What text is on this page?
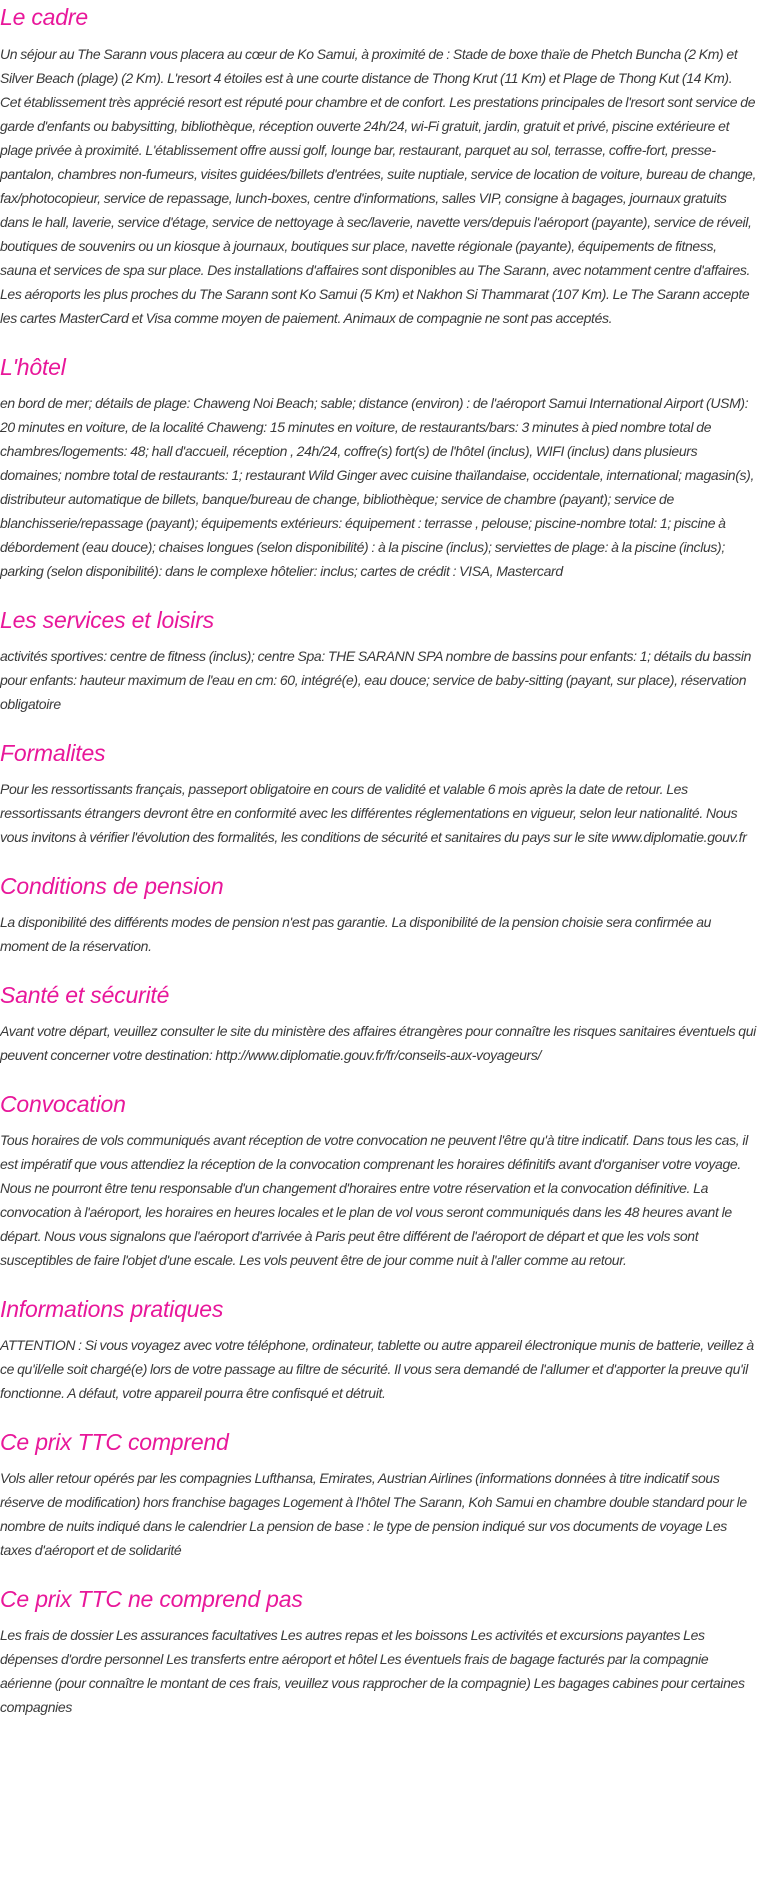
Le cadre

Un séjour au The Sarann vous placera au cœur de Ko Samui, à proximité de : Stade de boxe thaïe de Phetch Buncha (2 Km) et Silver Beach (plage) (2 Km). L'resort 4 étoiles est à une courte distance de Thong Krut (11 Km) et Plage de Thong Kut (14 Km). Cet établissement très apprécié resort est réputé pour chambre et de confort. Les prestations principales de l'resort sont service de garde d'enfants ou babysitting, bibliothèque, réception ouverte 24h/24, wi-Fi gratuit, jardin, gratuit et privé, piscine extérieure et plage privée à proximité. L'établissement offre aussi golf, lounge bar, restaurant, parquet au sol, terrasse, coffre-fort, presse-pantalon, chambres non-fumeurs, visites guidées/billets d'entrées, suite nuptiale, service de location de voiture, bureau de change, fax/photocopieur, service de repassage, lunch-boxes, centre d'informations, salles VIP, consigne à bagages, journaux gratuits dans le hall, laverie, service d'étage, service de nettoyage à sec/laverie, navette vers/depuis l'aéroport (payante), service de réveil, boutiques de souvenirs ou un kiosque à journaux, boutiques sur place, navette régionale (payante), équipements de fitness, sauna et services de spa sur place. Des installations d'affaires sont disponibles au The Sarann, avec notamment centre d'affaires. Les aéroports les plus proches du The Sarann sont Ko Samui (5 Km) et Nakhon Si Thammarat (107 Km). Le The Sarann accepte les cartes MasterCard et Visa comme moyen de paiement. Animaux de compagnie ne sont pas acceptés.

L'hôtel

en bord de mer; détails de plage: Chaweng Noi Beach; sable; distance (environ) : de l'aéroport Samui International Airport (USM): 20 minutes en voiture, de la localité Chaweng: 15 minutes en voiture, de restaurants/bars: 3 minutes à pied nombre total de chambres/logements: 48; hall d'accueil, réception , 24h/24, coffre(s) fort(s) de l'hôtel (inclus), WIFI (inclus) dans plusieurs domaines; nombre total de restaurants: 1; restaurant Wild Ginger avec cuisine thaïlandaise, occidentale, international; magasin(s), distributeur automatique de billets, banque/bureau de change, bibliothèque; service de chambre (payant); service de blanchisserie/repassage (payant); équipements extérieurs: équipement : terrasse , pelouse; piscine-nombre total: 1; piscine à débordement (eau douce); chaises longues (selon disponibilité) : à la piscine (inclus); serviettes de plage: à la piscine (inclus); parking (selon disponibilité): dans le complexe hôtelier: inclus; cartes de crédit : VISA, Mastercard

Les services et loisirs

activités sportives: centre de fitness (inclus); centre Spa: THE SARANN SPA nombre de bassins pour enfants: 1; détails du bassin pour enfants: hauteur maximum de l'eau en cm: 60, intégré(e), eau douce; service de baby-sitting (payant, sur place), réservation obligatoire

Formalites

Pour les ressortissants français, passeport obligatoire en cours de validité et valable 6 mois après la date de retour. Les ressortissants étrangers devront être en conformité avec les différentes réglementations en vigueur, selon leur nationalité. Nous vous invitons à vérifier l'évolution des formalités, les conditions de sécurité et sanitaires du pays sur le site www.diplomatie.gouv.fr

Conditions de pension

La disponibilité des différents modes de pension n'est pas garantie. La disponibilité de la pension choisie sera confirmée au moment de la réservation.

Santé et sécurité

Avant votre départ, veuillez consulter le site du ministère des affaires étrangères pour connaître les risques sanitaires éventuels qui peuvent concerner votre destination: http://www.diplomatie.gouv.fr/fr/conseils-aux-voyageurs/

Convocation

Tous horaires de vols communiqués avant réception de votre convocation ne peuvent l'être qu'à titre indicatif. Dans tous les cas, il est impératif que vous attendiez la réception de la convocation comprenant les horaires définitifs avant d'organiser votre voyage. Nous ne pourront être tenu responsable d'un changement d'horaires entre votre réservation et la convocation définitive. La convocation à l'aéroport, les horaires en heures locales et le plan de vol vous seront communiqués dans les 48 heures avant le départ. Nous vous signalons que l'aéroport d'arrivée à Paris peut être différent de l'aéroport de départ et que les vols sont susceptibles de faire l'objet d'une escale. Les vols peuvent être de jour comme nuit à l'aller comme au retour.

Informations pratiques

ATTENTION : Si vous voyagez avec votre téléphone, ordinateur, tablette ou autre appareil électronique munis de batterie, veillez à ce qu'il/elle soit chargé(e) lors de votre passage au filtre de sécurité. Il vous sera demandé de l'allumer et d'apporter la preuve qu'il fonctionne. A défaut, votre appareil pourra être confisqué et détruit.

Ce prix TTC comprend

Vols aller retour opérés par les compagnies Lufthansa, Emirates, Austrian Airlines (informations données à titre indicatif sous réserve de modification) hors franchise bagages Logement à l'hôtel The Sarann, Koh Samui en chambre double standard pour le nombre de nuits indiqué dans le calendrier La pension de base : le type de pension indiqué sur vos documents de voyage Les taxes d'aéroport et de solidarité

Ce prix TTC ne comprend pas

Les frais de dossier Les assurances facultatives Les autres repas et les boissons Les activités et excursions payantes Les dépenses d'ordre personnel Les transferts entre aéroport et hôtel Les éventuels frais de bagage facturés par la compagnie aérienne (pour connaître le montant de ces frais, veuillez vous rapprocher de la compagnie) Les bagages cabines pour certaines compagnies
